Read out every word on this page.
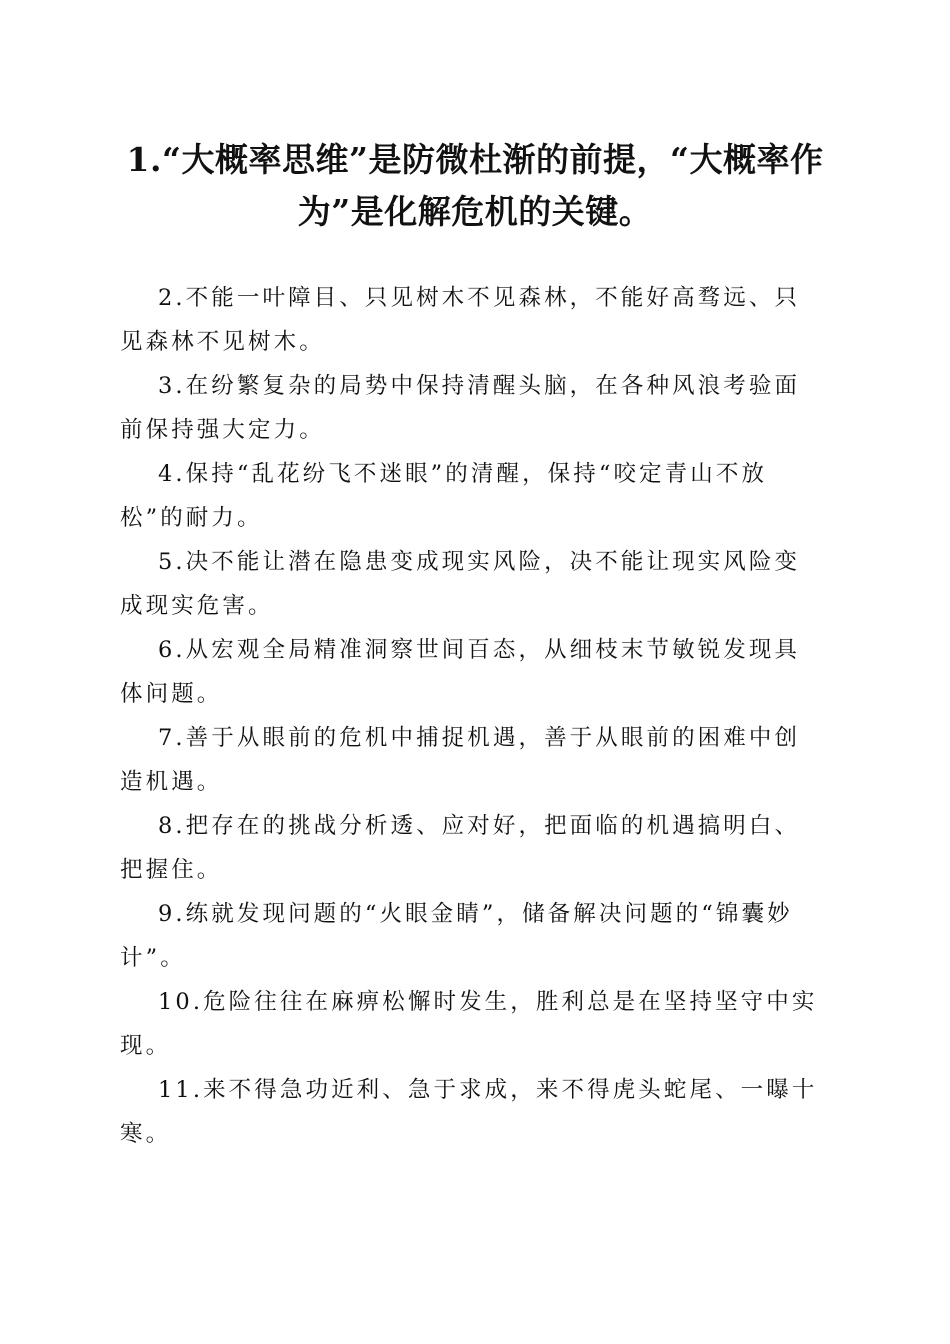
1.“大概率思维”是防微杜渐的前提，“大概率作为”是化解危机的关键。
2.不能一叶障目、只见树木不见森林，不能好高骛远、只见森林不见树木。
3.在纷繁复杂的局势中保持清醒头脑，在各种风浪考验面前保持强大定力。
4.保持“乱花纷飞不迷眼”的清醒，保持“咬定青山不放松”的耐力。
5.决不能让潜在隐患变成现实风险，决不能让现实风险变成现实危害。
6.从宏观全局精准洞察世间百态，从细枝末节敏锐发现具体问题。
7.善于从眼前的危机中捕捉机遇，善于从眼前的困难中创造机遇。
8.把存在的挑战分析透、应对好，把面临的机遇搞明白、把握住。
9.练就发现问题的“火眼金睛”，储备解决问题的“锦囊妙计”。
10.危险往往在麻痹松懈时发生，胜利总是在坚持坚守中实现。
11.来不得急功近利、急于求成，来不得虎头蛇尾、一曝十寒。
